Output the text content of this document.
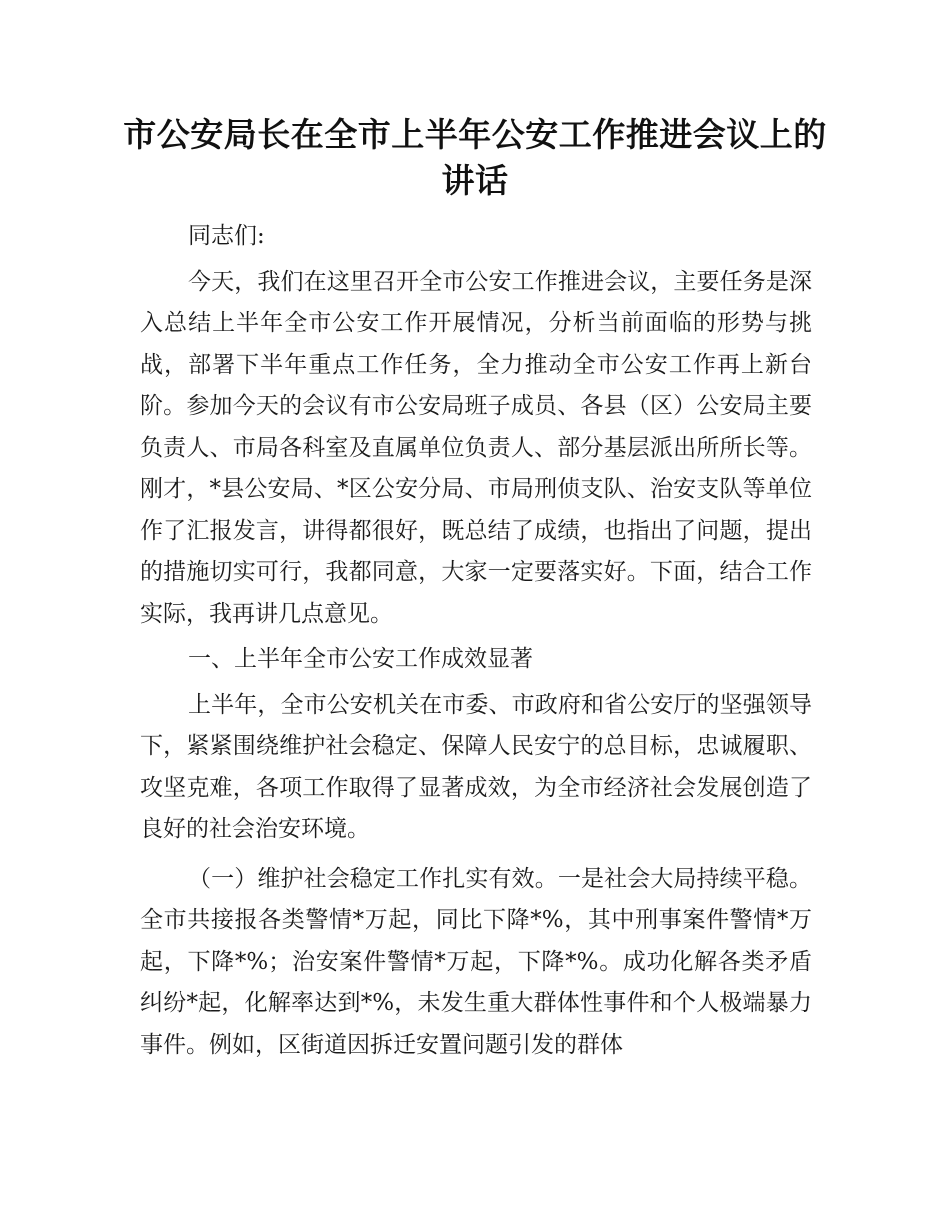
市公安局长在全市上半年公安工作推进会议上的讲话

同志们:

今天，我们在这里召开全市公安工作推进会议，主要任务是深入总结上半年全市公安工作开展情况，分析当前面临的形势与挑战，部署下半年重点工作任务，全力推动全市公安工作再上新台阶。参加今天的会议有市公安局班子成员、各县（区）公安局主要负责人、市局各科室及直属单位负责人、部分基层派出所所长等。刚才，*县公安局、*区公安分局、市局刑侦支队、治安支队等单位作了汇报发言，讲得都很好，既总结了成绩，也指出了问题，提出的措施切实可行，我都同意，大家一定要落实好。下面，结合工作实际，我再讲几点意见。

一、上半年全市公安工作成效显著

上半年，全市公安机关在市委、市政府和省公安厅的坚强领导下，紧紧围绕维护社会稳定、保障人民安宁的总目标，忠诚履职、攻坚克难，各项工作取得了显著成效，为全市经济社会发展创造了良好的社会治安环境。

（一）维护社会稳定工作扎实有效。一是社会大局持续平稳。全市共接报各类警情*万起，同比下降*%，其中刑事案件警情*万起，下降*%；治安案件警情*万起，下降*%。成功化解各类矛盾纠纷*起，化解率达到*%，未发生重大群体性事件和个人极端暴力事件。例如，区街道因拆迁安置问题引发的群体
